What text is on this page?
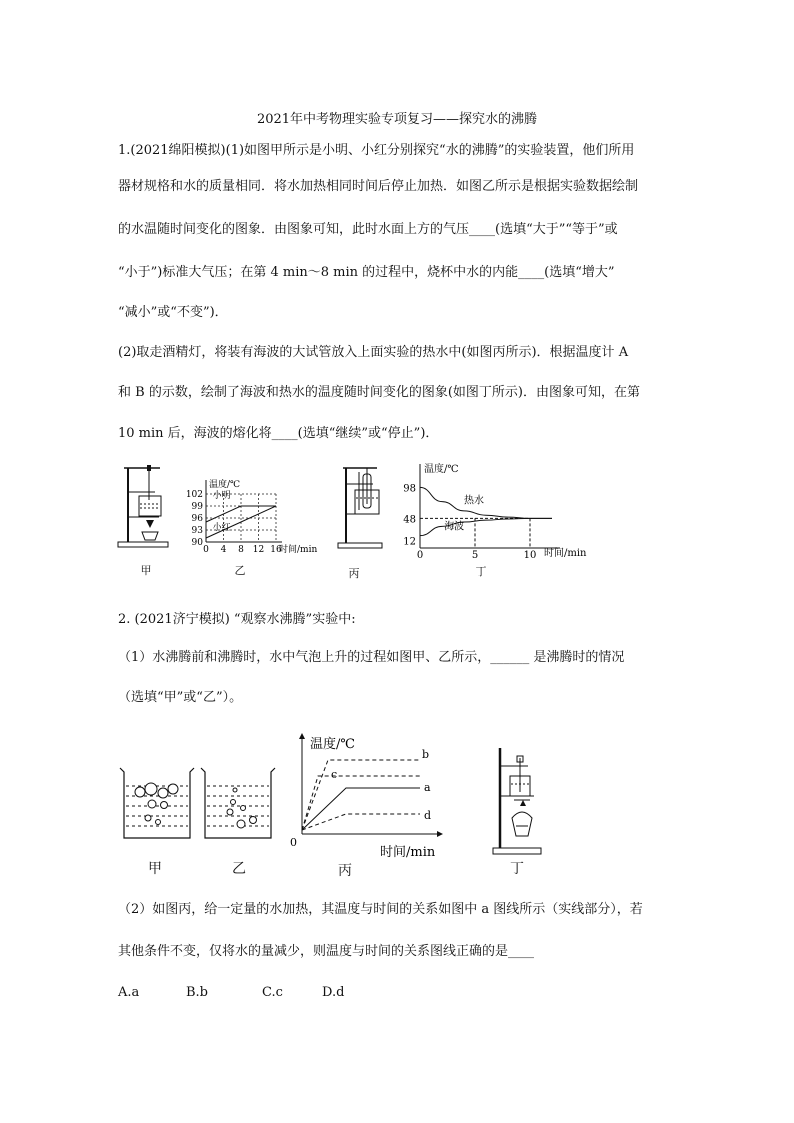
2021年中考物理实验专项复习——探究水的沸腾
1.(2021绵阳模拟)(1)如图甲所示是小明、小红分别探究“水的沸腾”的实验装置，他们所用
器材规格和水的质量相同．将水加热相同时间后停止加热．如图乙所示是根据实验数据绘制
的水温随时间变化的图象．由图象可知，此时水面上方的气压____(选填“大于”“等于”或
“小于”)标准大气压；在第 4 min～8 min 的过程中，烧杯中水的内能____(选填“增大”
“减小”或“不变”)．
(2)取走酒精灯，将装有海波的大试管放入上面实验的热水中(如图丙所示)．根据温度计 A
和 B 的示数，绘制了海波和热水的温度随时间变化的图象(如图丁所示)．由图象可知，在第
10 min 后，海波的熔化将____(选填“继续”或“停止”)．
甲
102
99
96
93
90
0 4 8 12 16
温度/℃
时间/min
小明
小红
乙	丙
温度/℃
时间/min
98
48
12
0	5	10
热水
海波
丁
2. (2021济宁模拟) “观察水沸腾”实验中:
（1）水沸腾前和沸腾时，水中气泡上升的过程如图甲、乙所示，______ 是沸腾时的情况
（选填“甲”或“乙”）。
甲	乙
温度/℃
时间/min
0
b
c
a
d
丙	丁
（2）如图丙，给一定量的水加热，其温度与时间的关系如图中 a 图线所示（实线部分），若
其他条件不变，仅将水的量减少，则温度与时间的关系图线正确的是____
A.a	B.b	C.c	D.d
